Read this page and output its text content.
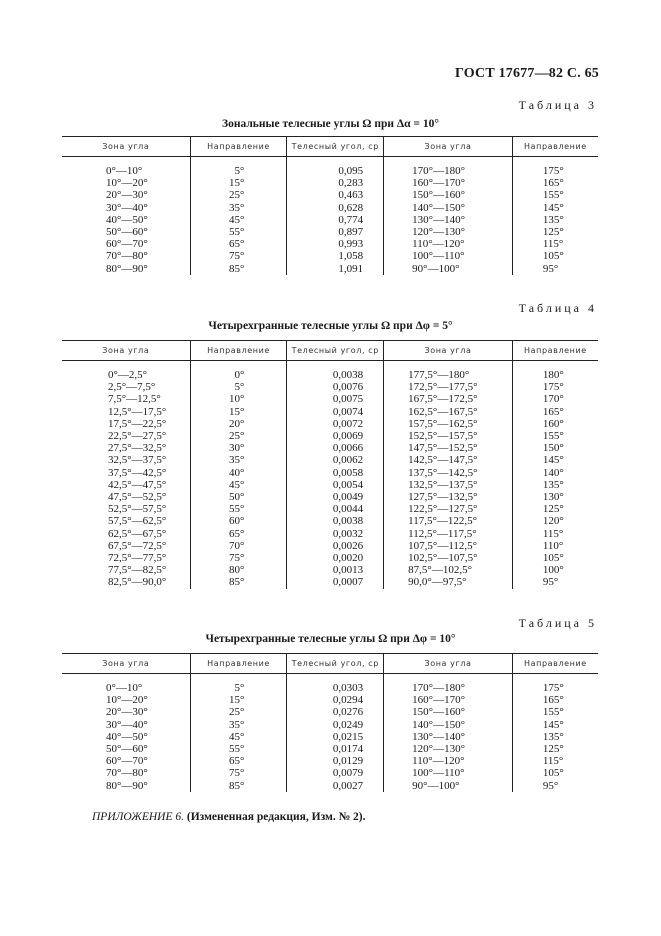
ГОСТ 17677—82 С. 65
Таблица 3
Зональные телесные углы Ω при Δα = 10°
Зона угла	Направление	Телесный угол, ср	Зона угла	Направление

0°—10°	5°	0,095	170°—180°	175°
10°—20°	15°	0,283	160°—170°	165°
20°—30°	25°	0,463	150°—160°	155°
30°—40°	35°	0,628	140°—150°	145°
40°—50°	45°	0,774	130°—140°	135°
50°—60°	55°	0,897	120°—130°	125°
60°—70°	65°	0,993	110°—120°	115°
70°—80°	75°	1,058	100°—110°	105°
80°—90°	85°	1,091	90°—100°	95°
Таблица 4
Четырехгранные телесные углы Ω при Δφ = 5°
Зона угла	Направление	Телесный угол, ср	Зона угла	Направление

0°—2,5°	0°	0,0038	177,5°—180°	180°
2,5°—7,5°	5°	0,0076	172,5°—177,5°	175°
7,5°—12,5°	10°	0,0075	167,5°—172,5°	170°
12,5°—17,5°	15°	0,0074	162,5°—167,5°	165°
17,5°—22,5°	20°	0,0072	157,5°—162,5°	160°
22,5°—27,5°	25°	0,0069	152,5°—157,5°	155°
27,5°—32,5°	30°	0,0066	147,5°—152,5°	150°
32,5°—37,5°	35°	0,0062	142,5°—147,5°	145°
37,5°—42,5°	40°	0,0058	137,5°—142,5°	140°
42,5°—47,5°	45°	0,0054	132,5°—137,5°	135°
47,5°—52,5°	50°	0,0049	127,5°—132,5°	130°
52,5°—57,5°	55°	0,0044	122,5°—127,5°	125°
57,5°—62,5°	60°	0,0038	117,5°—122,5°	120°
62,5°—67,5°	65°	0,0032	112,5°—117,5°	115°
67,5°—72,5°	70°	0,0026	107,5°—112,5°	110°
72,5°—77,5°	75°	0,0020	102,5°—107,5°	105°
77,5°—82,5°	80°	0,0013	87,5°—102,5°	100°
82,5°—90,0°	85°	0,0007	90,0°—97,5°	95°
Таблица 5
Четырехгранные телесные углы Ω при Δφ = 10°
Зона угла	Направление	Телесный угол, ср	Зона угла	Направление

0°—10°	5°	0,0303	170°—180°	175°
10°—20°	15°	0,0294	160°—170°	165°
20°—30°	25°	0,0276	150°—160°	155°
30°—40°	35°	0,0249	140°—150°	145°
40°—50°	45°	0,0215	130°—140°	135°
50°—60°	55°	0,0174	120°—130°	125°
60°—70°	65°	0,0129	110°—120°	115°
70°—80°	75°	0,0079	100°—110°	105°
80°—90°	85°	0,0027	90°—100°	95°
ПРИЛОЖЕНИЕ 6. (Измененная редакция, Изм. № 2).
